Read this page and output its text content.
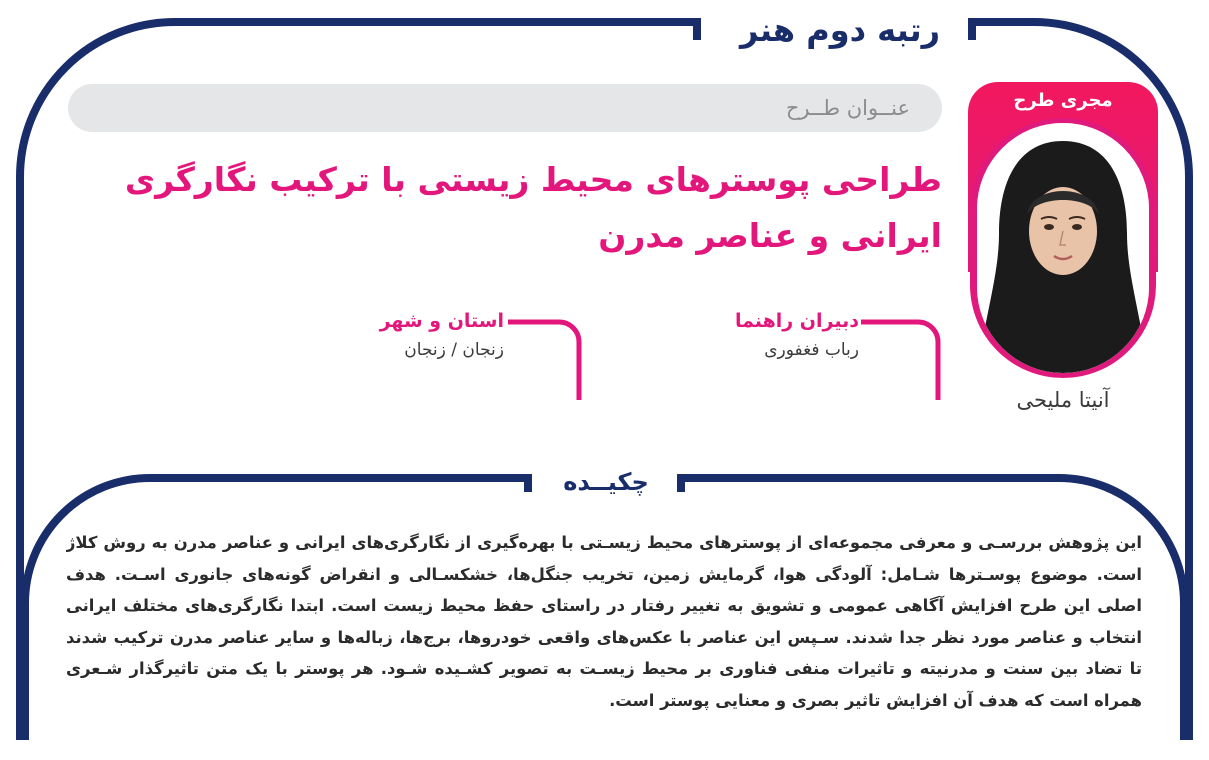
رتبه دوم هنر
عنــوان طــرح
طراحی پوسترهای محیط زیستی با ترکیب نگارگری ایرانی و عناصر مدرن
مجری طرح
آنیتا ملیحی
دبیران راهنما
رباب فغفوری
استان و شهر
زنجان / زنجان
چکیــده
این پژوهش بررسـی و معرفی مجموعه‌ای از پوسترهای محیط زیسـتی با بهره‌گیری از نگارگری‌های ایرانی و عناصر مدرن به روش کلاژ است. موضوع پوسـترها شـامل: آلودگی هوا، گرمایش زمین، تخریب جنگل‌ها، خشکسـالی و انقراض گونه‌های جانوری اسـت. هدف اصلی این طرح افزایش آگاهی عمومی و تشویق به تغییر رفتار در راستای حفظ محیط زیست است. ابتدا نگارگری‌های مختلف ایرانی انتخاب و عناصر مورد نظر جدا شدند. سـپس این عناصر با عکس‌های واقعی خودروها، برج‌ها، زباله‌ها و سایر عناصر مدرن ترکیب شدند تا تضاد بین سنت و مدرنیته و تاثیرات منفی فناوری بر محیط زیسـت به تصویر کشـیده شـود. هر پوستر با یک متن تاثیرگذار شـعری همراه است که هدف آن افزایش تاثیر بصری و معنایی پوستر است.
